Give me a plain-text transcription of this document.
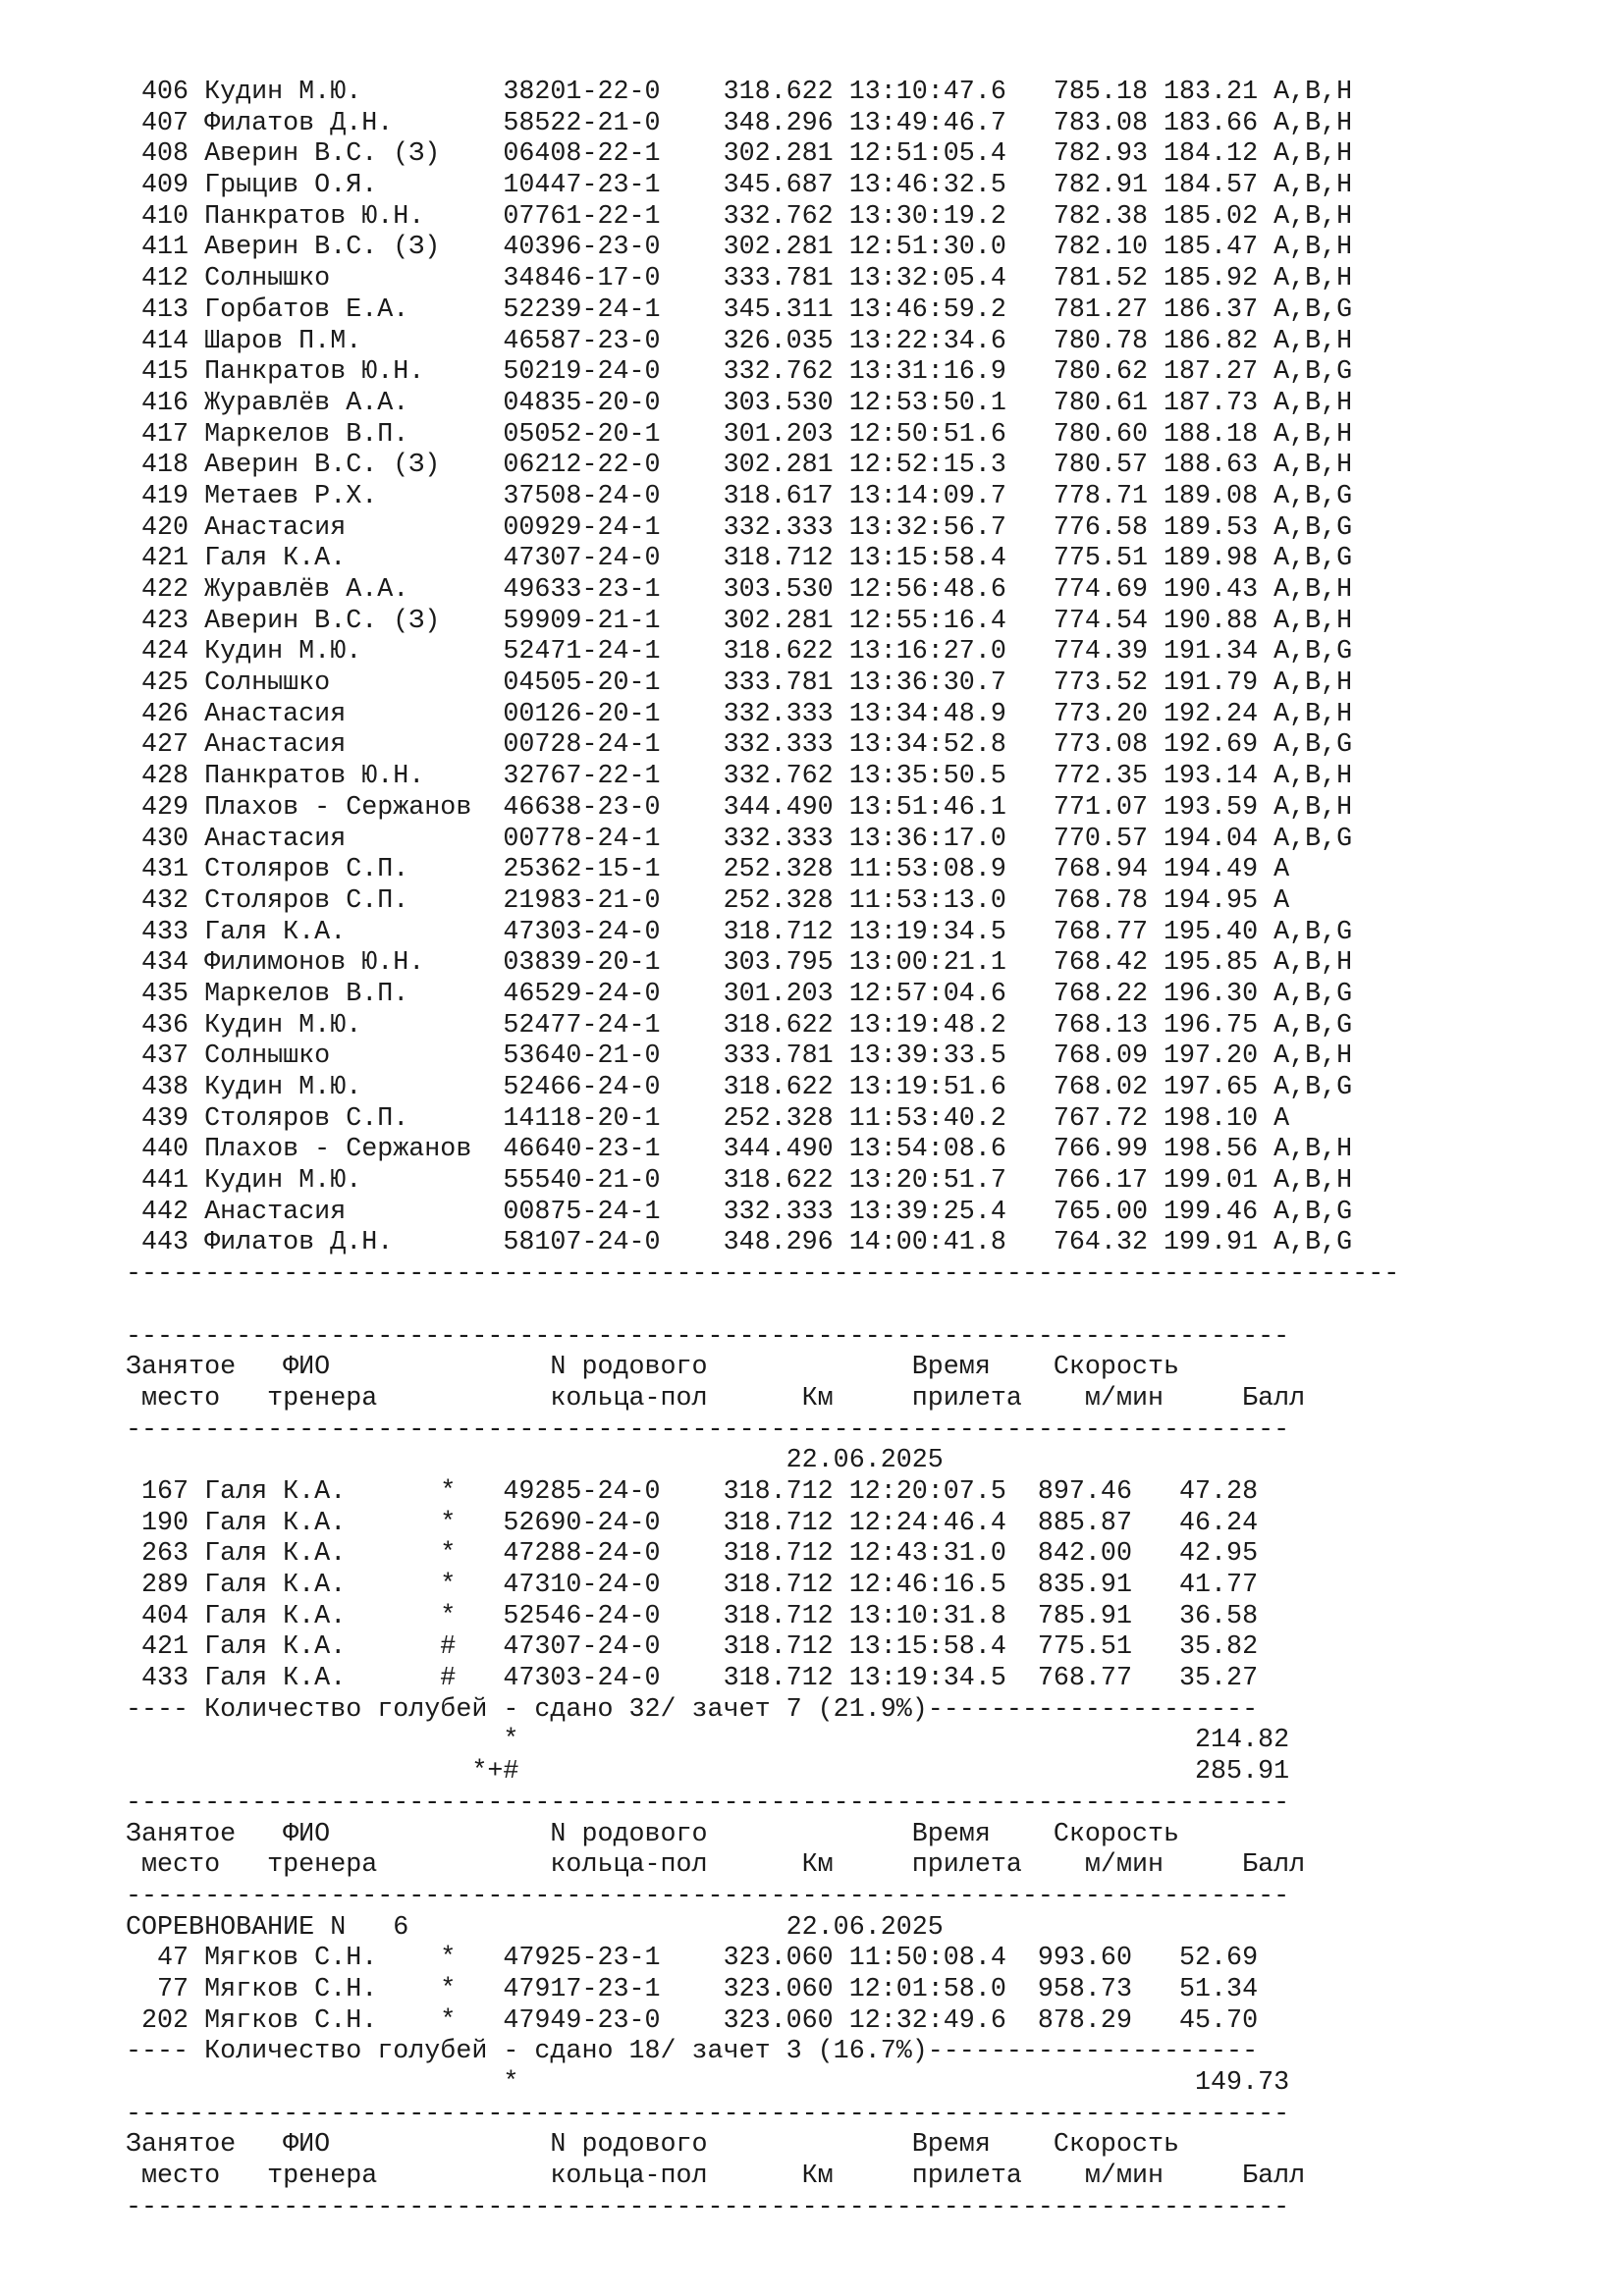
406 Кудин М.Ю.         38201-22-0    318.622 13:10:47.6   785.18 183.21 A,B,H
407 Филатов Д.Н.       58522-21-0    348.296 13:49:46.7   783.08 183.66 A,B,H
408 Аверин В.С. (З)    06408-22-1    302.281 12:51:05.4   782.93 184.12 A,B,H
409 Грыцив О.Я.        10447-23-1    345.687 13:46:32.5   782.91 184.57 A,B,H
410 Панкратов Ю.Н.     07761-22-1    332.762 13:30:19.2   782.38 185.02 A,B,H
411 Аверин В.С. (З)    40396-23-0    302.281 12:51:30.0   782.10 185.47 A,B,H
412 Солнышко           34846-17-0    333.781 13:32:05.4   781.52 185.92 A,B,H
413 Горбатов Е.А.      52239-24-1    345.311 13:46:59.2   781.27 186.37 A,B,G
414 Шаров П.М.         46587-23-0    326.035 13:22:34.6   780.78 186.82 A,B,H
415 Панкратов Ю.Н.     50219-24-0    332.762 13:31:16.9   780.62 187.27 A,B,G
416 Журавлёв А.А.      04835-20-0    303.530 12:53:50.1   780.61 187.73 A,B,H
417 Маркелов В.П.      05052-20-1    301.203 12:50:51.6   780.60 188.18 A,B,H
418 Аверин В.С. (З)    06212-22-0    302.281 12:52:15.3   780.57 188.63 A,B,H
419 Метаев Р.Х.        37508-24-0    318.617 13:14:09.7   778.71 189.08 A,B,G
420 Анастасия          00929-24-1    332.333 13:32:56.7   776.58 189.53 A,B,G
421 Галя К.А.          47307-24-0    318.712 13:15:58.4   775.51 189.98 A,B,G
422 Журавлёв А.А.      49633-23-1    303.530 12:56:48.6   774.69 190.43 A,B,H
423 Аверин В.С. (З)    59909-21-1    302.281 12:55:16.4   774.54 190.88 A,B,H
424 Кудин М.Ю.         52471-24-1    318.622 13:16:27.0   774.39 191.34 A,B,G
425 Солнышко           04505-20-1    333.781 13:36:30.7   773.52 191.79 A,B,H
426 Анастасия          00126-20-1    332.333 13:34:48.9   773.20 192.24 A,B,H
427 Анастасия          00728-24-1    332.333 13:34:52.8   773.08 192.69 A,B,G
428 Панкратов Ю.Н.     32767-22-1    332.762 13:35:50.5   772.35 193.14 A,B,H
429 Плахов - Сержанов  46638-23-0    344.490 13:51:46.1   771.07 193.59 A,B,H
430 Анастасия          00778-24-1    332.333 13:36:17.0   770.57 194.04 A,B,G
431 Столяров С.П.      25362-15-1    252.328 11:53:08.9   768.94 194.49 A
432 Столяров С.П.      21983-21-0    252.328 11:53:13.0   768.78 194.95 A
433 Галя К.А.          47303-24-0    318.712 13:19:34.5   768.77 195.40 A,B,G
434 Филимонов Ю.Н.     03839-20-1    303.795 13:00:21.1   768.42 195.85 A,B,H
435 Маркелов В.П.      46529-24-0    301.203 12:57:04.6   768.22 196.30 A,B,G
436 Кудин М.Ю.         52477-24-1    318.622 13:19:48.2   768.13 196.75 A,B,G
437 Солнышко           53640-21-0    333.781 13:39:33.5   768.09 197.20 A,B,H
438 Кудин М.Ю.         52466-24-0    318.622 13:19:51.6   768.02 197.65 A,B,G
439 Столяров С.П.      14118-20-1    252.328 11:53:40.2   767.72 198.10 A
440 Плахов - Сержанов  46640-23-1    344.490 13:54:08.6   766.99 198.56 A,B,H
441 Кудин М.Ю.         55540-21-0    318.622 13:20:51.7   766.17 199.01 A,B,H
442 Анастасия          00875-24-1    332.333 13:39:25.4   765.00 199.46 A,B,G
443 Филатов Д.Н.       58107-24-0    348.296 14:00:41.8   764.32 199.91 A,B,G
---------------------------------------------------------------------------------

--------------------------------------------------------------------------
Занятое   ФИО              N родового             Время    Скорость
место   тренера           кольца-пол      Км     прилета    м/мин     Балл
--------------------------------------------------------------------------
22.06.2025
167 Галя К.А.      *   49285-24-0    318.712 12:20:07.5  897.46   47.28
190 Галя К.А.      *   52690-24-0    318.712 12:24:46.4  885.87   46.24
263 Галя К.А.      *   47288-24-0    318.712 12:43:31.0  842.00   42.95
289 Галя К.А.      *   47310-24-0    318.712 12:46:16.5  835.91   41.77
404 Галя К.А.      *   52546-24-0    318.712 13:10:31.8  785.91   36.58
421 Галя К.А.      #   47307-24-0    318.712 13:15:58.4  775.51   35.82
433 Галя К.А.      #   47303-24-0    318.712 13:19:34.5  768.77   35.27
---- Количество голубей - сдано 32/ зачет 7 (21.9%)---------------------
*                                           214.82
*+#                                           285.91
--------------------------------------------------------------------------
Занятое   ФИО              N родового             Время    Скорость
место   тренера           кольца-пол      Км     прилета    м/мин     Балл
--------------------------------------------------------------------------
СОРЕВНОВАНИЕ N   6                        22.06.2025
47 Мягков С.Н.    *   47925-23-1    323.060 11:50:08.4  993.60   52.69
77 Мягков С.Н.    *   47917-23-1    323.060 12:01:58.0  958.73   51.34
202 Мягков С.Н.    *   47949-23-0    323.060 12:32:49.6  878.29   45.70
---- Количество голубей - сдано 18/ зачет 3 (16.7%)---------------------
*                                           149.73
--------------------------------------------------------------------------
Занятое   ФИО              N родового             Время    Скорость
место   тренера           кольца-пол      Км     прилета    м/мин     Балл
--------------------------------------------------------------------------
